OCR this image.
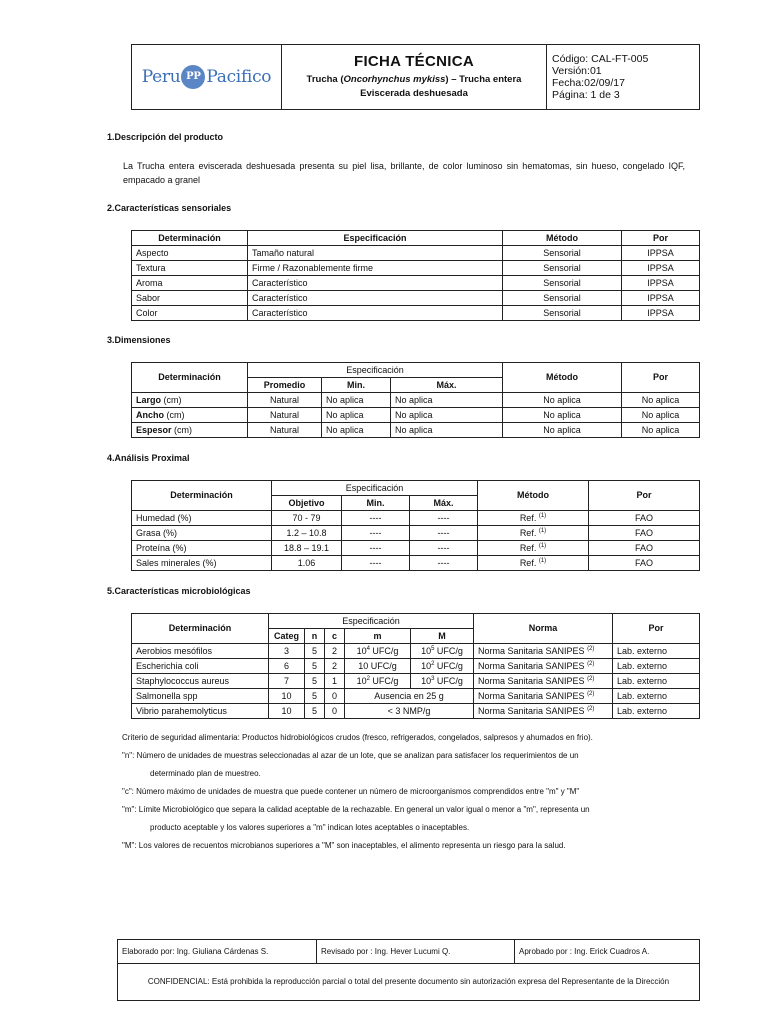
Peru PP Pacifico

FICHA TÉCNICA
Trucha (Oncorhynchus mykiss) – Trucha entera
Eviscerada deshuesada

Código: CAL-FT-005
Versión:01
Fecha:02/09/17
Página: 1 de 3
1.Descripción del producto
La Trucha entera eviscerada deshuesada presenta su piel lisa, brillante, de color luminoso sin hematomas, sin hueso, congelado IQF, empacado a granel
2.Características sensoriales
Determinación	Especificación	Método	Por
Aspecto	Tamaño natural	Sensorial	IPPSA
Textura	Firme / Razonablemente firme	Sensorial	IPPSA
Aroma	Característico	Sensorial	IPPSA
Sabor	Característico	Sensorial	IPPSA
Color	Característico	Sensorial	IPPSA
3.Dimensiones
Determinación	Especificación			Método	Por
	Promedio	Min.	Máx.		
Largo (cm)	Natural	No aplica	No aplica	No aplica	No aplica
Ancho (cm)	Natural	No aplica	No aplica	No aplica	No aplica
Espesor (cm)	Natural	No aplica	No aplica	No aplica	No aplica
4.Análisis Proximal
Determinación	Especificación			Método	Por
	Objetivo	Min.	Máx.		
Humedad (%)	70 - 79	----	----	Ref. $^{(1)}$	FAO
Grasa (%)	1.2 – 10.8	----	----	Ref. $^{(1)}$	FAO
Proteína (%)	18.8 – 19.1	----	----	Ref. $^{(1)}$	FAO
Sales minerales (%)	1.06	----	----	Ref. $^{(1)}$	FAO
5.Características microbiológicas
Determinación	Especificación					Norma	Por
	Categ	n	c	m	M		
Aerobios mesófilos	3	5	2	$10^4$ UFC/g	$10^5$ UFC/g	Norma Sanitaria SANIPES $^{(2)}$	Lab. externo
Escherichia coli	6	5	2	10 UFC/g	$10^2$ UFC/g	Norma Sanitaria SANIPES $^{(2)}$	Lab. externo
Staphylococcus aureus	7	5	1	$10^2$ UFC/g	$10^3$ UFC/g	Norma Sanitaria SANIPES $^{(2)}$	Lab. externo
Salmonella spp	10	5	0	Ausencia en 25 g		Norma Sanitaria SANIPES $^{(2)}$	Lab. externo
Vibrio parahemolyticus	10	5	0	< 3 NMP/g		Norma Sanitaria SANIPES $^{(2)}$	Lab. externo
Criterio de seguridad alimentaria: Productos hidrobiológicos crudos (fresco, refrigerados, congelados, salpresos y ahumados en frio).
"n": Número de unidades de muestras seleccionadas al azar de un lote, que se analizan para satisfacer los requerimientos de un
determinado plan de muestreo.
"c": Número máximo de unidades de muestra que puede contener un número de microorganismos comprendidos entre "m" y "M"
"m": Límite Microbiológico que separa la calidad aceptable de la rechazable. En general un valor igual o menor a "m", representa un
producto aceptable y los valores superiores a "m" indican lotes aceptables o inaceptables.
"M": Los valores de recuentos microbianos superiores a "M" son inaceptables, el alimento representa un riesgo para la salud.
Elaborado por: Ing. Giuliana Cárdenas S.	Revisado por : Ing. Hever Lucumi Q.	Aprobado por : Ing. Erick Cuadros A.
CONFIDENCIAL: Está prohibida la reproducción parcial o total del presente documento sin autorización expresa del Representante de la Dirección
